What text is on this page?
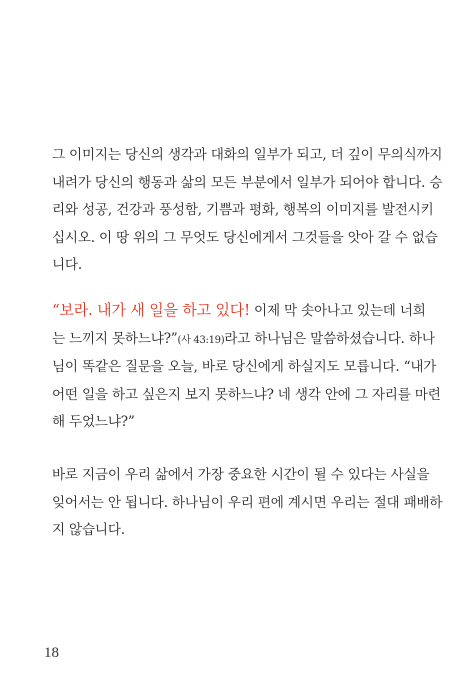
그 이미지는 당신의 생각과 대화의 일부가 되고, 더 깊이 무의식까지
내려가 당신의 행동과 삶의 모든 부분에서 일부가 되어야 합니다. 승
리와 성공, 건강과 풍성함, 기쁨과 평화, 행복의 이미지를 발전시키
십시오. 이 땅 위의 그 무엇도 당신에게서 그것들을 앗아 갈 수 없습
니다.

“보라. 내가 새 일을 하고 있다! 이제 막 솟아나고 있는데 너희
는 느끼지 못하느냐?”(사 43:19)라고 하나님은 말씀하셨습니다. 하나
님이 똑같은 질문을 오늘, 바로 당신에게 하실지도 모릅니다. “내가
어떤 일을 하고 싶은지 보지 못하느냐? 네 생각 안에 그 자리를 마련
해 두었느냐?”

바로 지금이 우리 삶에서 가장 중요한 시간이 될 수 있다는 사실을
잊어서는 안 됩니다. 하나님이 우리 편에 계시면 우리는 절대 패배하
지 않습니다.

18
